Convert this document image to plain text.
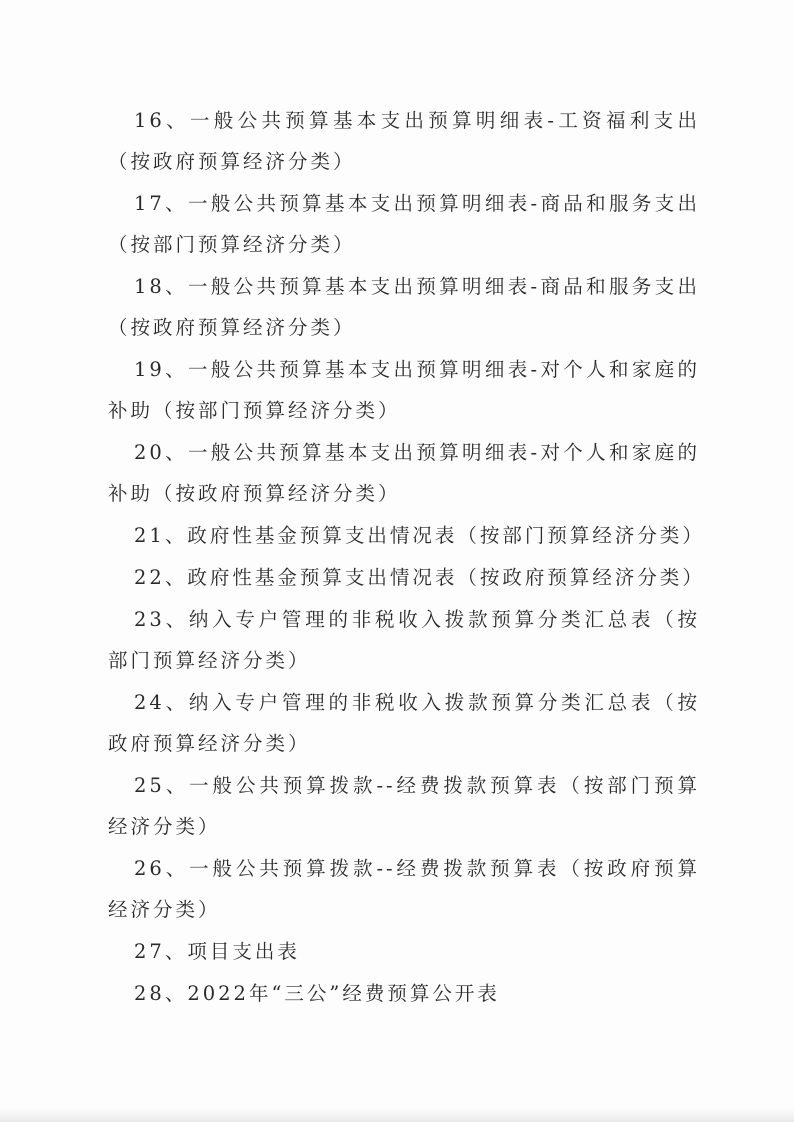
16、一般公共预算基本支出预算明细表-工资福利支出（按政府预算经济分类）
17、一般公共预算基本支出预算明细表-商品和服务支出（按部门预算经济分类）
18、一般公共预算基本支出预算明细表-商品和服务支出（按政府预算经济分类）
19、一般公共预算基本支出预算明细表-对个人和家庭的补助（按部门预算经济分类）
20、一般公共预算基本支出预算明细表-对个人和家庭的补助（按政府预算经济分类）
21、政府性基金预算支出情况表（按部门预算经济分类）
22、政府性基金预算支出情况表（按政府预算经济分类）
23、纳入专户管理的非税收入拨款预算分类汇总表（按部门预算经济分类）
24、纳入专户管理的非税收入拨款预算分类汇总表（按政府预算经济分类）
25、一般公共预算拨款--经费拨款预算表（按部门预算经济分类）
26、一般公共预算拨款--经费拨款预算表（按政府预算经济分类）
27、项目支出表
28、2022年“三公”经费预算公开表
